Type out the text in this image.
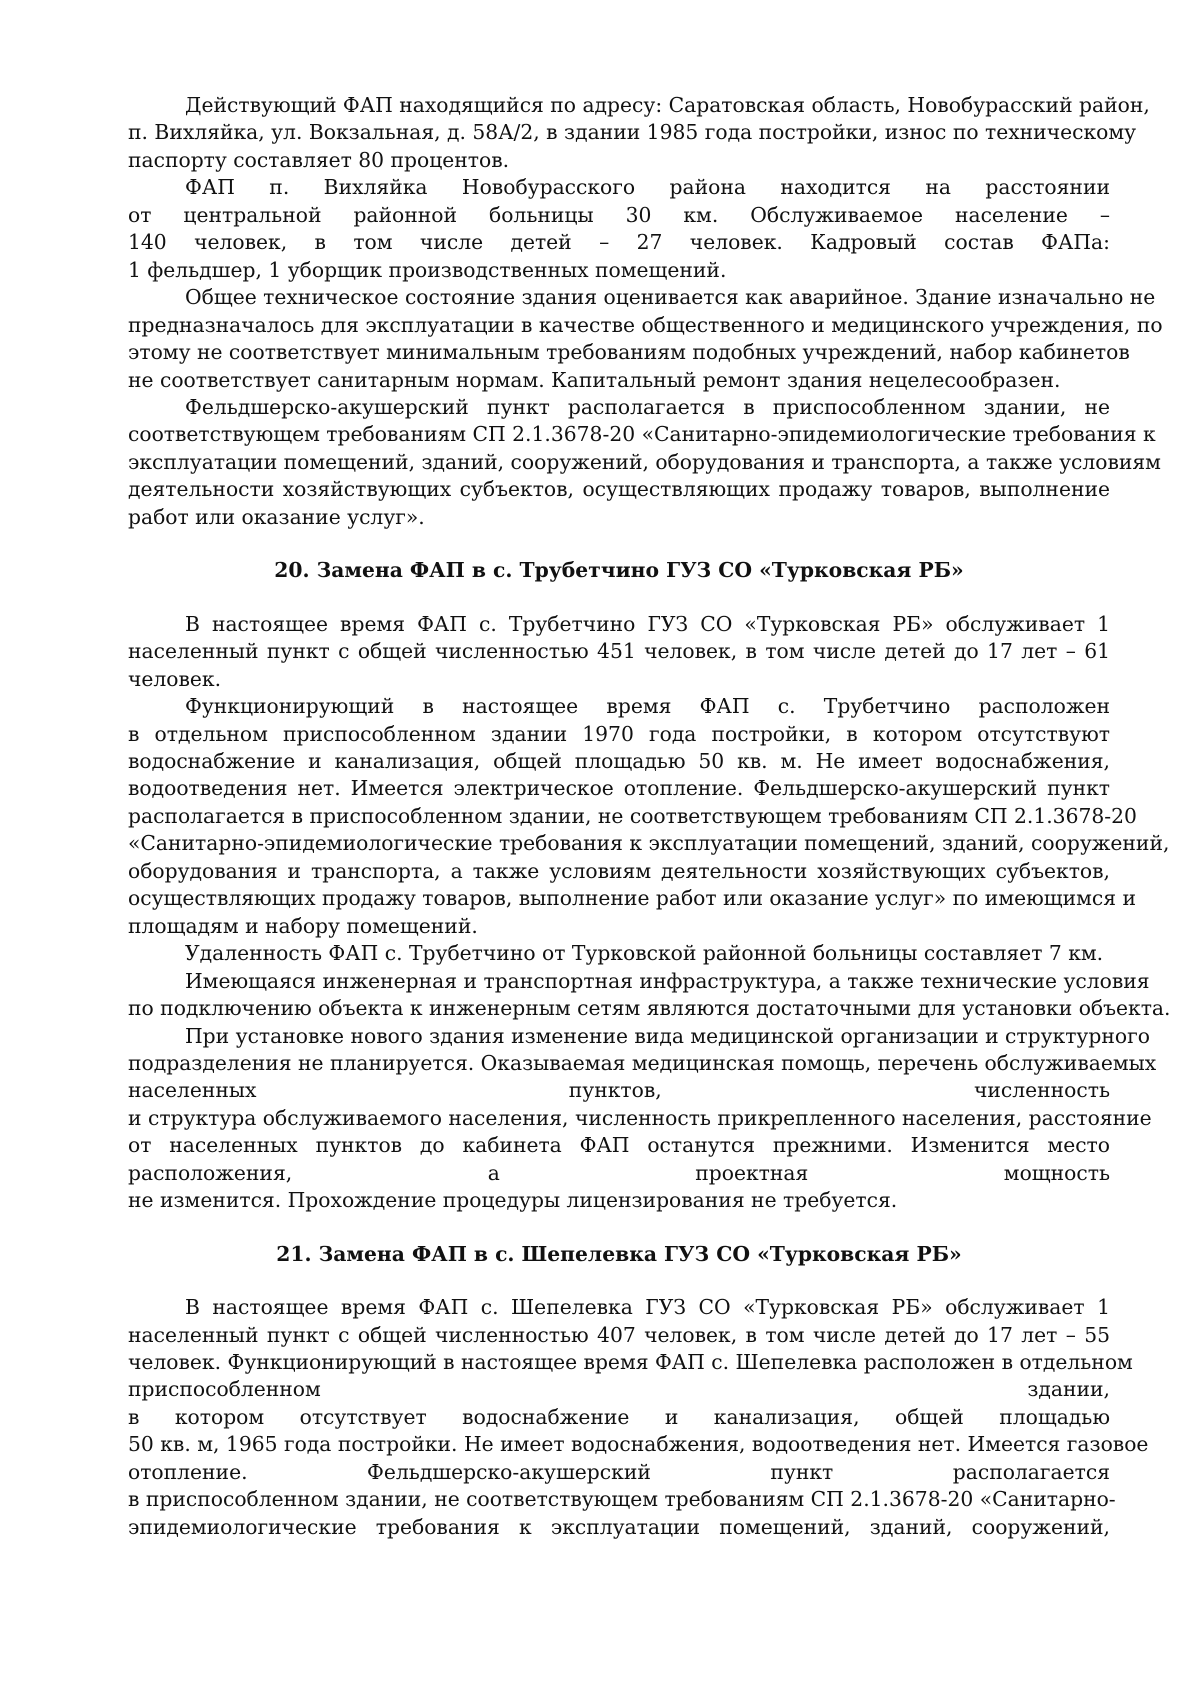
Действующий ФАП находящийся по адресу: Саратовская область, Новобурасский район,
п. Вихляйка, ул. Вокзальная, д. 58А/2, в здании 1985 года постройки, износ по техническому
паспорту составляет 80 процентов.
ФАП п. Вихляйка Новобурасского района находится на расстоянии
от центральной районной больницы 30 км. Обслуживаемое население –
140 человек, в том числе детей – 27 человек. Кадровый состав ФАПа:
1 фельдшер, 1 уборщик производственных помещений.
Общее техническое состояние здания оценивается как аварийное. Здание изначально не
предназначалось для эксплуатации в качестве общественного и медицинского учреждения, по
этому не соответствует минимальным требованиям подобных учреждений, набор кабинетов
не соответствует санитарным нормам. Капитальный ремонт здания нецелесообразен.
Фельдшерско-акушерский пункт располагается в приспособленном здании, не
соответствующем требованиям СП 2.1.3678-20 «Санитарно-эпидемиологические требования к
эксплуатации помещений, зданий, сооружений, оборудования и транспорта, а также условиям
деятельности хозяйствующих субъектов, осуществляющих продажу товаров, выполнение
работ или оказание услуг».
20. Замена ФАП в с. Трубетчино ГУЗ СО «Турковская РБ»
В настоящее время ФАП с. Трубетчино ГУЗ СО «Турковская РБ» обслуживает 1
населенный пункт с общей численностью 451 человек, в том числе детей до 17 лет – 61
человек.
Функционирующий в настоящее время ФАП с. Трубетчино расположен
в отдельном приспособленном здании 1970 года постройки, в котором отсутствуют
водоснабжение и канализация, общей площадью 50 кв. м. Не имеет водоснабжения,
водоотведения нет. Имеется электрическое отопление. Фельдшерско-акушерский пункт
располагается в приспособленном здании, не соответствующем требованиям СП 2.1.3678-20
«Санитарно-эпидемиологические требования к эксплуатации помещений, зданий, сооружений,
оборудования и транспорта, а также условиям деятельности хозяйствующих субъектов,
осуществляющих продажу товаров, выполнение работ или оказание услуг» по имеющимся и
площадям и набору помещений.
Удаленность ФАП с. Трубетчино от Турковской районной больницы составляет 7 км.
Имеющаяся инженерная и транспортная инфраструктура, а также технические условия
по подключению объекта к инженерным сетям являются достаточными для установки объекта.
При установке нового здания изменение вида медицинской организации и структурного
подразделения не планируется. Оказываемая медицинская помощь, перечень обслуживаемых
населенных пунктов, численность
и структура обслуживаемого населения, численность прикрепленного населения, расстояние
от населенных пунктов до кабинета ФАП останутся прежними. Изменится место
расположения, а проектная мощность
не изменится. Прохождение процедуры лицензирования не требуется.
21. Замена ФАП в с. Шепелевка ГУЗ СО «Турковская РБ»
В настоящее время ФАП с. Шепелевка ГУЗ СО «Турковская РБ» обслуживает 1
населенный пункт с общей численностью 407 человек, в том числе детей до 17 лет – 55
человек. Функционирующий в настоящее время ФАП с. Шепелевка расположен в отдельном
приспособленном здании,
в котором отсутствует водоснабжение и канализация, общей площадью
50 кв. м, 1965 года постройки. Не имеет водоснабжения, водоотведения нет. Имеется газовое
отопление. Фельдшерско-акушерский пункт располагается
в приспособленном здании, не соответствующем требованиям СП 2.1.3678-20 «Санитарно-
эпидемиологические требования к эксплуатации помещений, зданий, сооружений,
